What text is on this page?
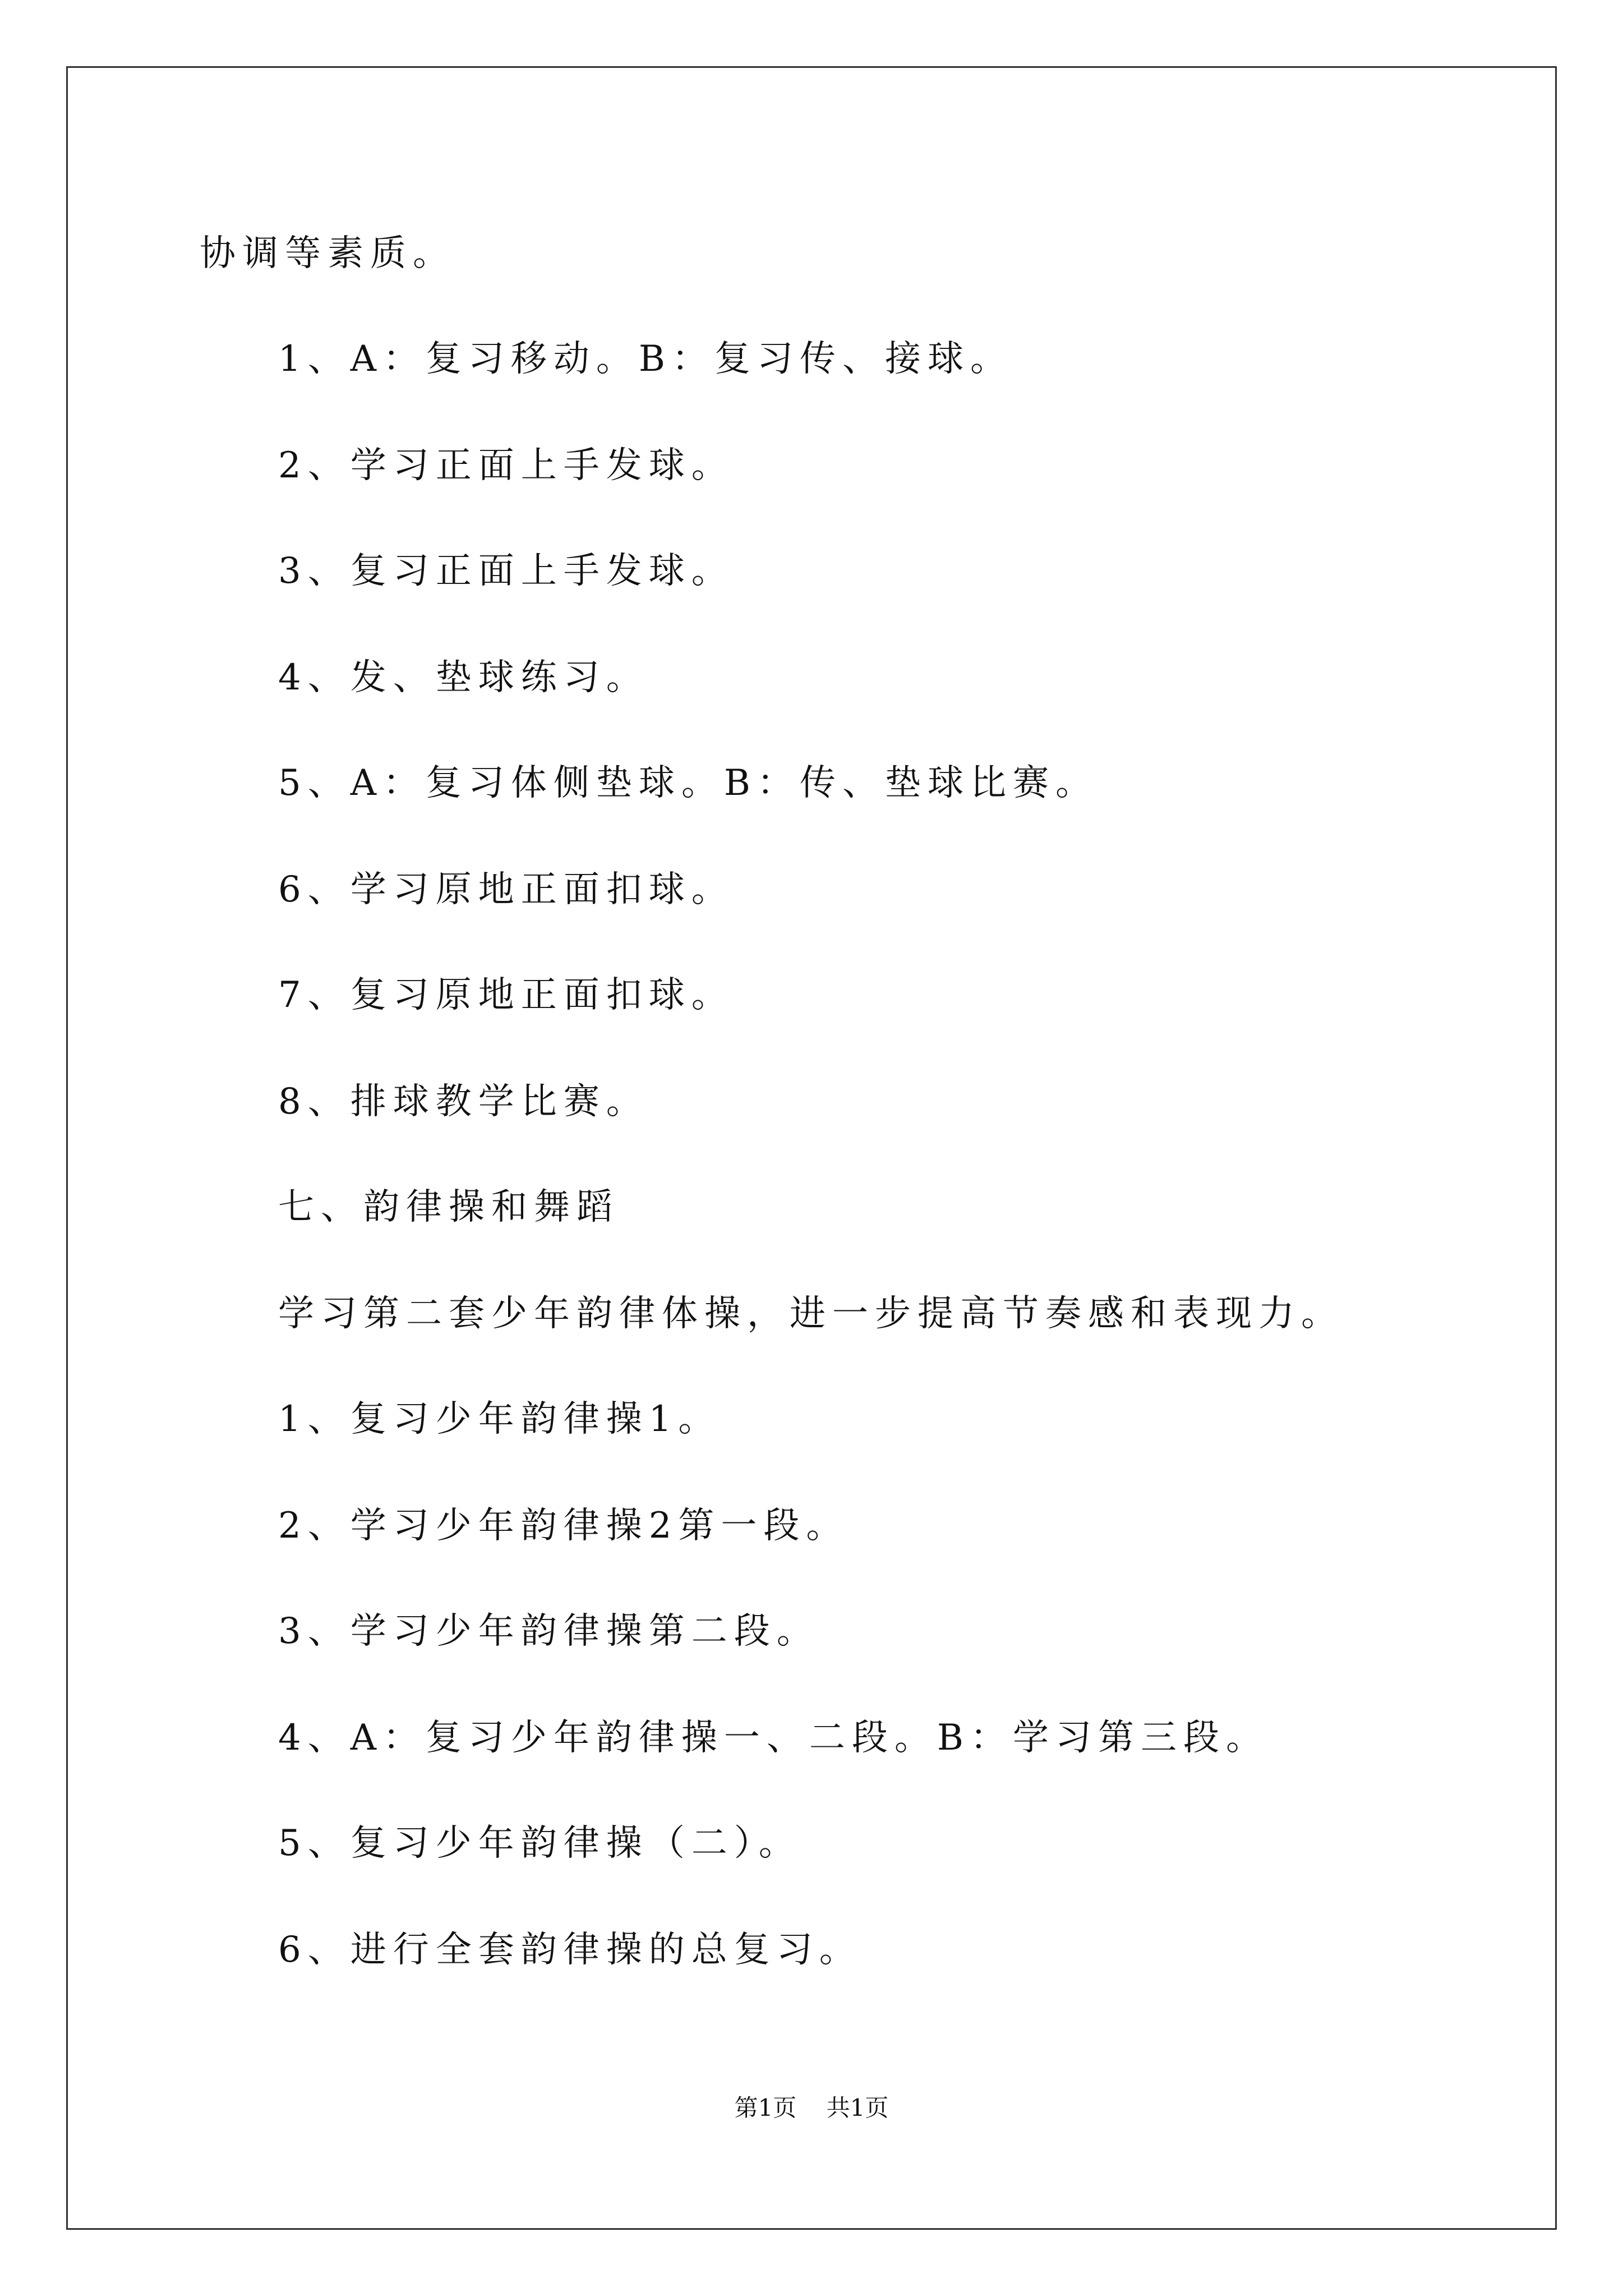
协调等素质。
1、A：复习移动。B：复习传、接球。
2、学习正面上手发球。
3、复习正面上手发球。
4、发、垫球练习。
5、A：复习体侧垫球。B：传、垫球比赛。
6、学习原地正面扣球。
7、复习原地正面扣球。
8、排球教学比赛。
七、韵律操和舞蹈
学习第二套少年韵律体操，进一步提高节奏感和表现力。
1、复习少年韵律操1。
2、学习少年韵律操2第一段。
3、学习少年韵律操第二段。
4、A：复习少年韵律操一、二段。B：学习第三段。
5、复习少年韵律操（二）。
6、进行全套韵律操的总复习。
第1页    共1页
